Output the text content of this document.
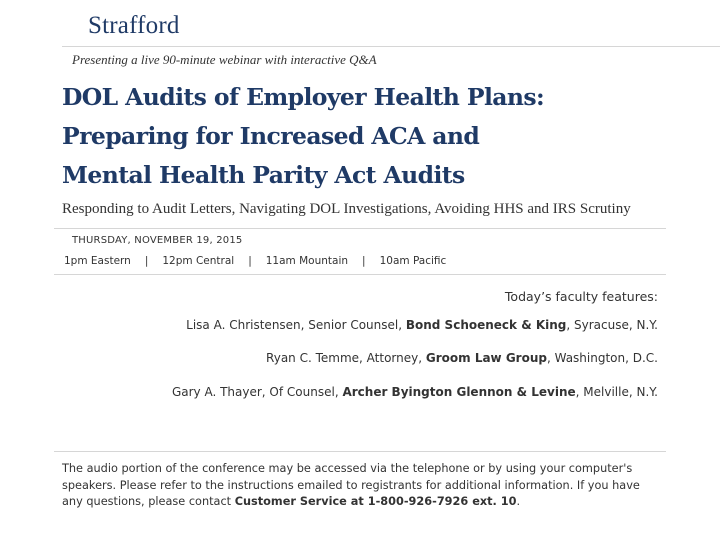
Strafford
Presenting a live 90-minute webinar with interactive Q&A
DOL Audits of Employer Health Plans:
Preparing for Increased ACA and
Mental Health Parity Act Audits
Responding to Audit Letters, Navigating DOL Investigations, Avoiding HHS and IRS Scrutiny
THURSDAY, NOVEMBER 19, 2015
1pm Eastern | 12pm Central | 11am Mountain | 10am Pacific
Today’s faculty features:
Lisa A. Christensen, Senior Counsel, Bond Schoeneck & King, Syracuse, N.Y.
Ryan C. Temme, Attorney, Groom Law Group, Washington, D.C.
Gary A. Thayer, Of Counsel, Archer Byington Glennon & Levine, Melville, N.Y.
The audio portion of the conference may be accessed via the telephone or by using your computer's speakers. Please refer to the instructions emailed to registrants for additional information. If you have any questions, please contact Customer Service at 1-800-926-7926 ext. 10.
